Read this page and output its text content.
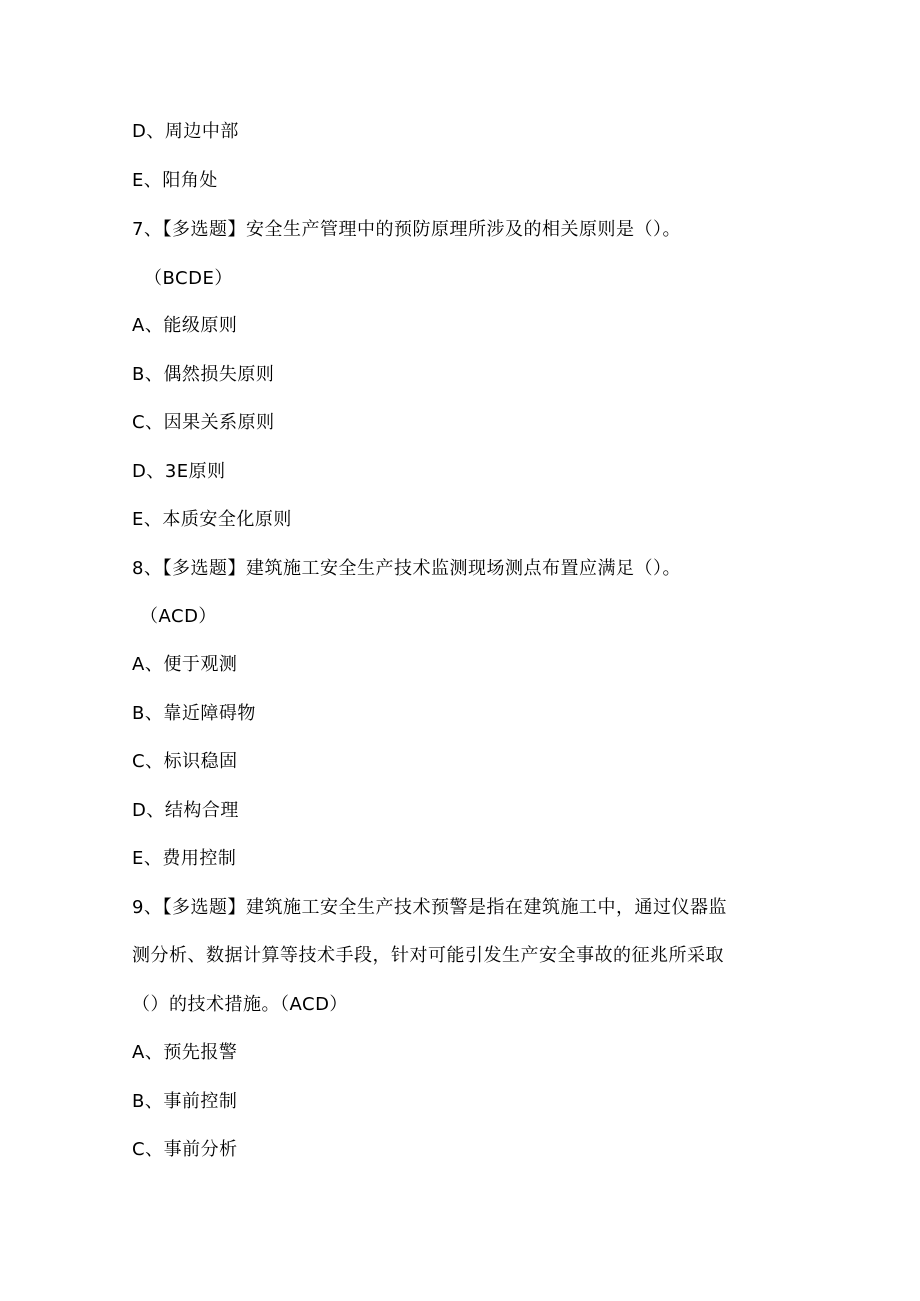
D、周边中部
E、阳角处
7、【多选题】安全生产管理中的预防原理所涉及的相关原则是（）。
（BCDE）
A、能级原则
B、偶然损失原则
C、因果关系原则
D、3E原则
E、本质安全化原则
8、【多选题】建筑施工安全生产技术监测现场测点布置应满足（）。
（ACD）
A、便于观测
B、靠近障碍物
C、标识稳固
D、结构合理
E、费用控制
9、【多选题】建筑施工安全生产技术预警是指在建筑施工中，通过仪器监
测分析、数据计算等技术手段，针对可能引发生产安全事故的征兆所采取
（）的技术措施。（ACD）
A、预先报警
B、事前控制
C、事前分析
